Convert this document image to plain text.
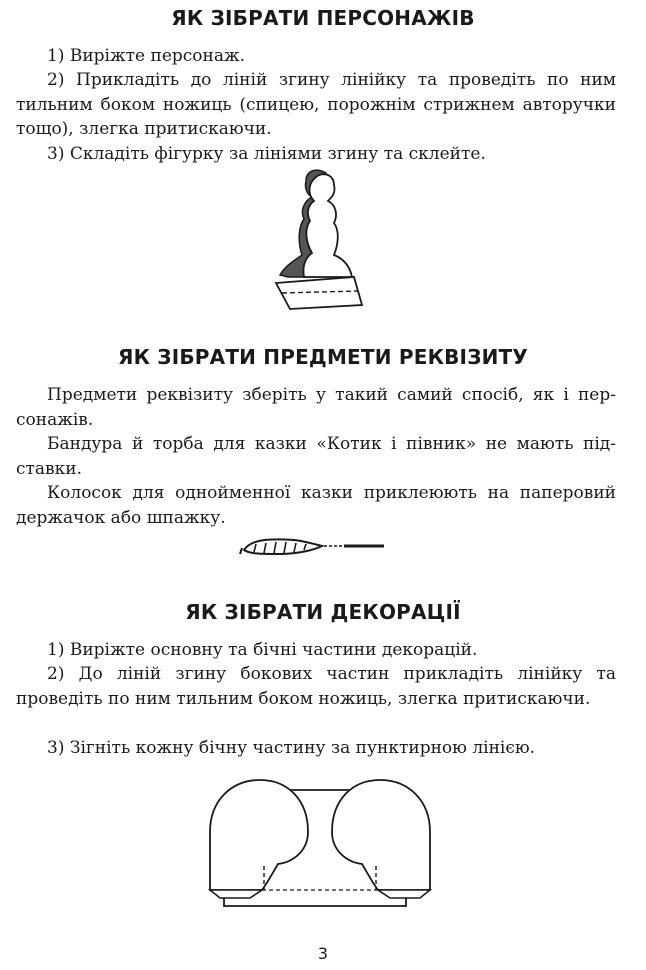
ЯК ЗІБРАТИ ПЕРСОНАЖІВ

1) Виріжте персонаж.

2) Прикладіть до ліній згину лінійку та проведіть по ним тильним боком ножиць (спицею, порожнім стрижнем авторучки тощо), злегка притискаючи.

3) Складіть фігурку за лініями згину та склейте.

ЯК ЗІБРАТИ ПРЕДМЕТИ РЕКВІЗИТУ

Предмети реквізиту зберіть у такий самий спосіб, як і персонажів.

Бандура й торба для казки «Котик і півник» не мають підставки.

Колосок для однойменної казки приклеюють на паперовий держачок або шпажку.

ЯК ЗІБРАТИ ДЕКОРАЦІЇ

1) Виріжте основну та бічні частини декорацій.

2) До ліній згину бокових частин прикладіть лінійку та проведіть по ним тильним боком ножиць, злегка притискаючи.

3) Зігніть кожну бічну частину за пунктирною лінією.

3
